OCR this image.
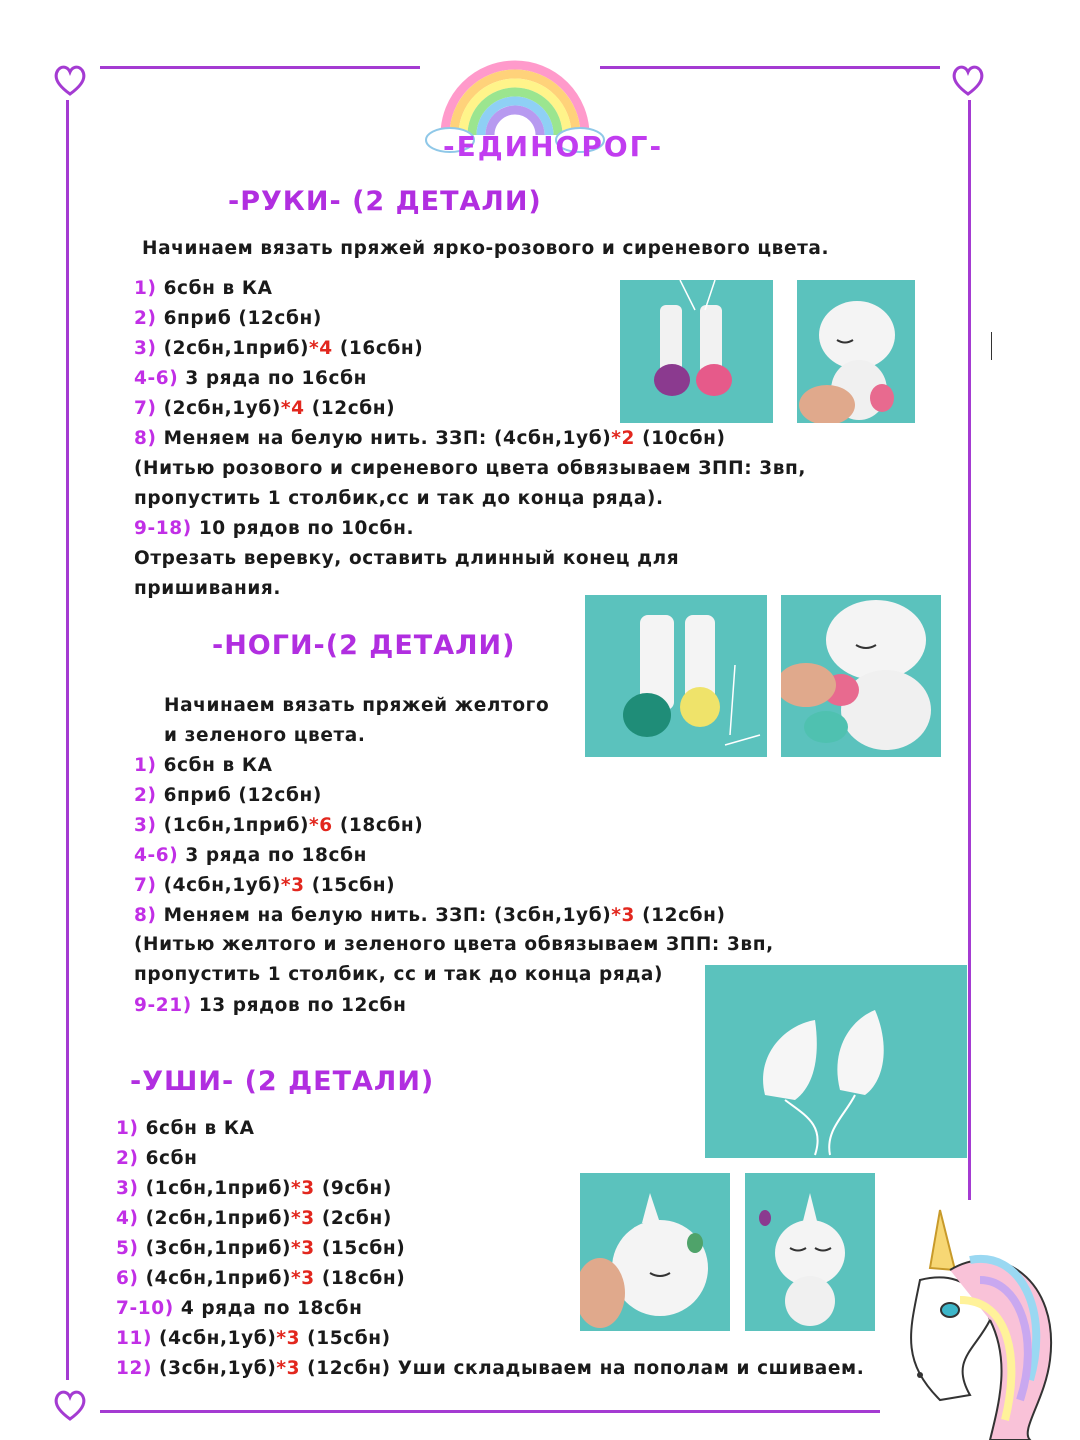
-ЕДИНОРОГ-
-РУКИ- (2 ДЕТАЛИ)
Начинаем вязать пряжей ярко-розового и сиреневого цвета.
1) 6сбн в КА
2) 6приб (12сбн)
3) (2сбн,1приб)*4 (16сбн)
4-6) 3 ряда по 16сбн
7) (2сбн,1уб)*4 (12сбн)
8) Меняем на белую нить. ЗЗП: (4сбн,1уб)*2 (10сбн)
(Нитью розового и сиреневого цвета обвязываем ЗПП: 3вп,
пропустить 1 столбик,сс и так до конца ряда).
9-18) 10 рядов по 10сбн.
Отрезать веревку, оставить длинный конец для
пришивания.
-НОГИ-(2 ДЕТАЛИ)
Начинаем вязать пряжей желтого
и зеленого цвета.
1) 6сбн в КА
2) 6приб (12сбн)
3) (1сбн,1приб)*6 (18сбн)
4-6) 3 ряда по 18сбн
7) (4сбн,1уб)*3 (15сбн)
8) Меняем на белую нить. ЗЗП: (3сбн,1уб)*3 (12сбн)
(Нитью желтого и зеленого цвета обвязываем ЗПП: 3вп,
пропустить 1 столбик, сс и так до конца ряда)
9-21) 13 рядов по 12сбн
-УШИ- (2 ДЕТАЛИ)
1) 6сбн в КА
2) 6сбн
3) (1сбн,1приб)*3 (9сбн)
4) (2сбн,1приб)*3 (2сбн)
5) (3сбн,1приб)*3 (15сбн)
6) (4сбн,1приб)*3 (18сбн)
7-10) 4 ряда по 18сбн
11) (4сбн,1уб)*3 (15сбн)
12) (3сбн,1уб)*3 (12сбн) Уши складываем на пополам и сшиваем.
